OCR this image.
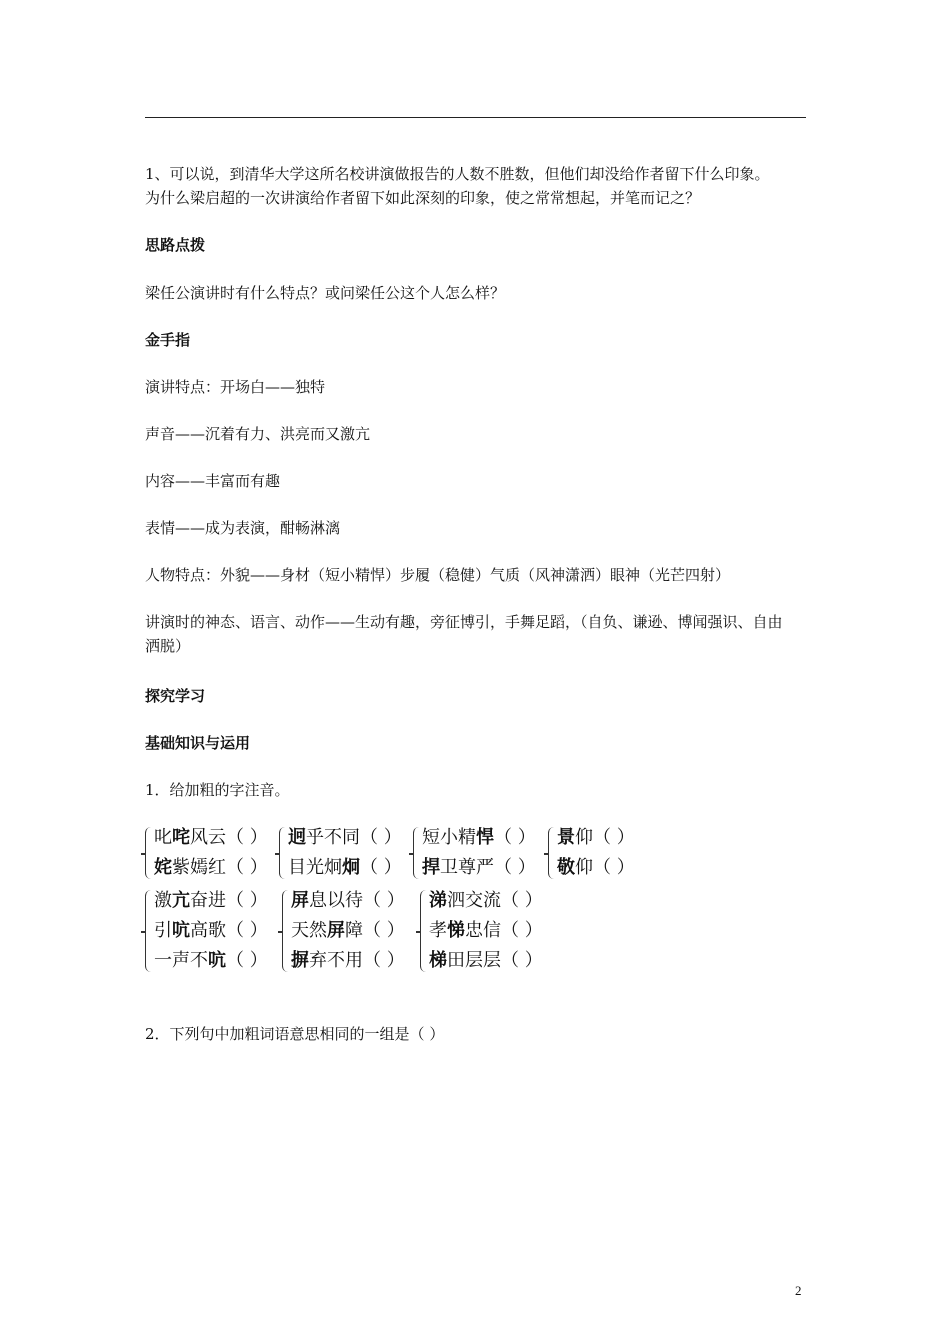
1、可以说，到清华大学这所名校讲演做报告的人数不胜数，但他们却没给作者留下什么印象。
为什么梁启超的一次讲演给作者留下如此深刻的印象，使之常常想起，并笔而记之？

思路点拨

梁任公演讲时有什么特点？或问梁任公这个人怎么样？

金手指

演讲特点：开场白——独特

声音——沉着有力、洪亮而又激亢

内容——丰富而有趣

表情——成为表演，酣畅淋漓

人物特点：外貌——身材（短小精悍）步履（稳健）气质（风神潇洒）眼神（光芒四射）

讲演时的神态、语言、动作——生动有趣，旁征博引，手舞足蹈，（自负、谦逊、博闻强识、自由
洒脱）

探究学习

基础知识与运用

1．给加粗的字注音。

叱咤风云（ ）
姹紫嫣红（ ）
迥乎不同（ ）
目光炯炯（ ）
短小精悍（ ）
捍卫尊严（ ）
景仰（ ）
敬仰（ ）
激亢奋进（ ）
引吭高歌（ ）
一声不吭（ ）
屏息以待（ ）
天然屏障（ ）
摒弃不用（ ）
涕泗交流（ ）
孝悌忠信（ ）
梯田层层（ ）

2．下列句中加粗词语意思相同的一组是（ ）

2
